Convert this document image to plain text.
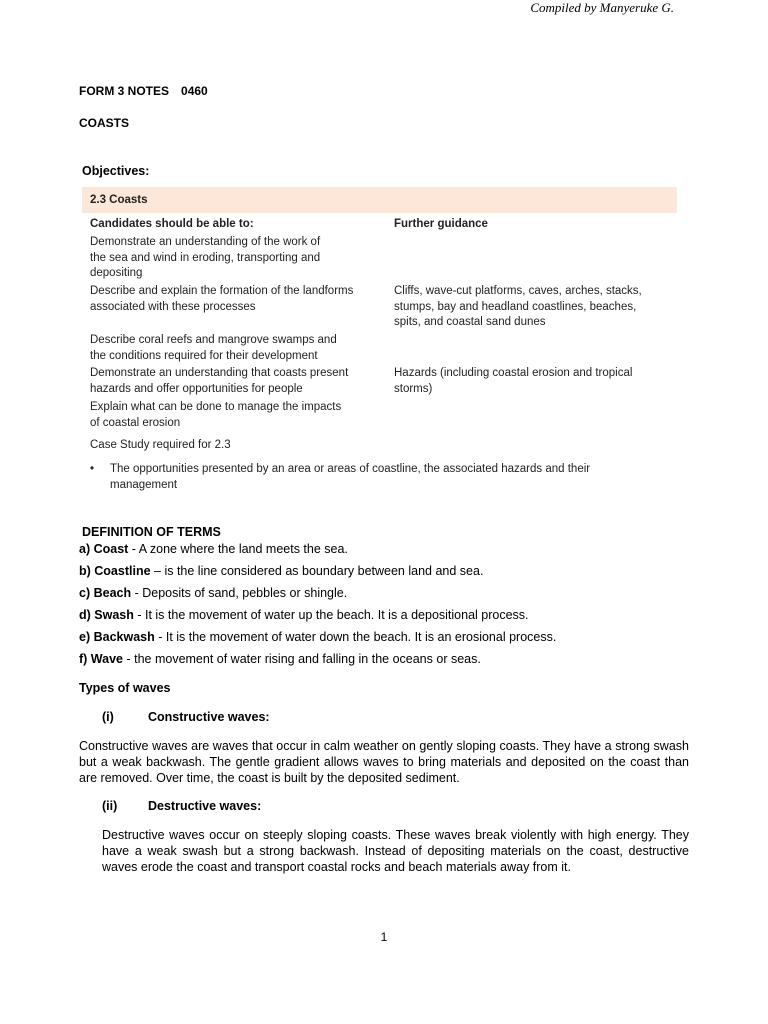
Compiled by Manyeruke G.
FORM 3 NOTES 0460
COASTS
Objectives:
2.3 Coasts
Candidates should be able to:	Further guidance
Demonstrate an understanding of the work of
the sea and wind in eroding, transporting and
depositing
Describe and explain the formation of the landforms
associated with these processes
Cliffs, wave-cut platforms, caves, arches, stacks,
stumps, bay and headland coastlines, beaches,
spits, and coastal sand dunes
Describe coral reefs and mangrove swamps and
the conditions required for their development
Demonstrate an understanding that coasts present
hazards and offer opportunities for people
Hazards (including coastal erosion and tropical
storms)
Explain what can be done to manage the impacts
of coastal erosion
Case Study required for 2.3
• The opportunities presented by an area or areas of coastline, the associated hazards and their
management
DEFINITION OF TERMS
a) Coast - A zone where the land meets the sea.
b) Coastline – is the line considered as boundary between land and sea.
c) Beach - Deposits of sand, pebbles or shingle.
d) Swash - It is the movement of water up the beach. It is a depositional process.
e) Backwash - It is the movement of water down the beach. It is an erosional process.
f) Wave - the movement of water rising and falling in the oceans or seas.
Types of waves
(i)	Constructive waves:
Constructive waves are waves that occur in calm weather on gently sloping coasts. They have a strong swash but a weak backwash. The gentle gradient allows waves to bring materials and deposited on the coast than are removed. Over time, the coast is built by the deposited sediment.
(ii) Destructive waves:
Destructive waves occur on steeply sloping coasts. These waves break violently with high energy. They have a weak swash but a strong backwash. Instead of depositing materials on the coast, destructive waves erode the coast and transport coastal rocks and beach materials away from it.
1
